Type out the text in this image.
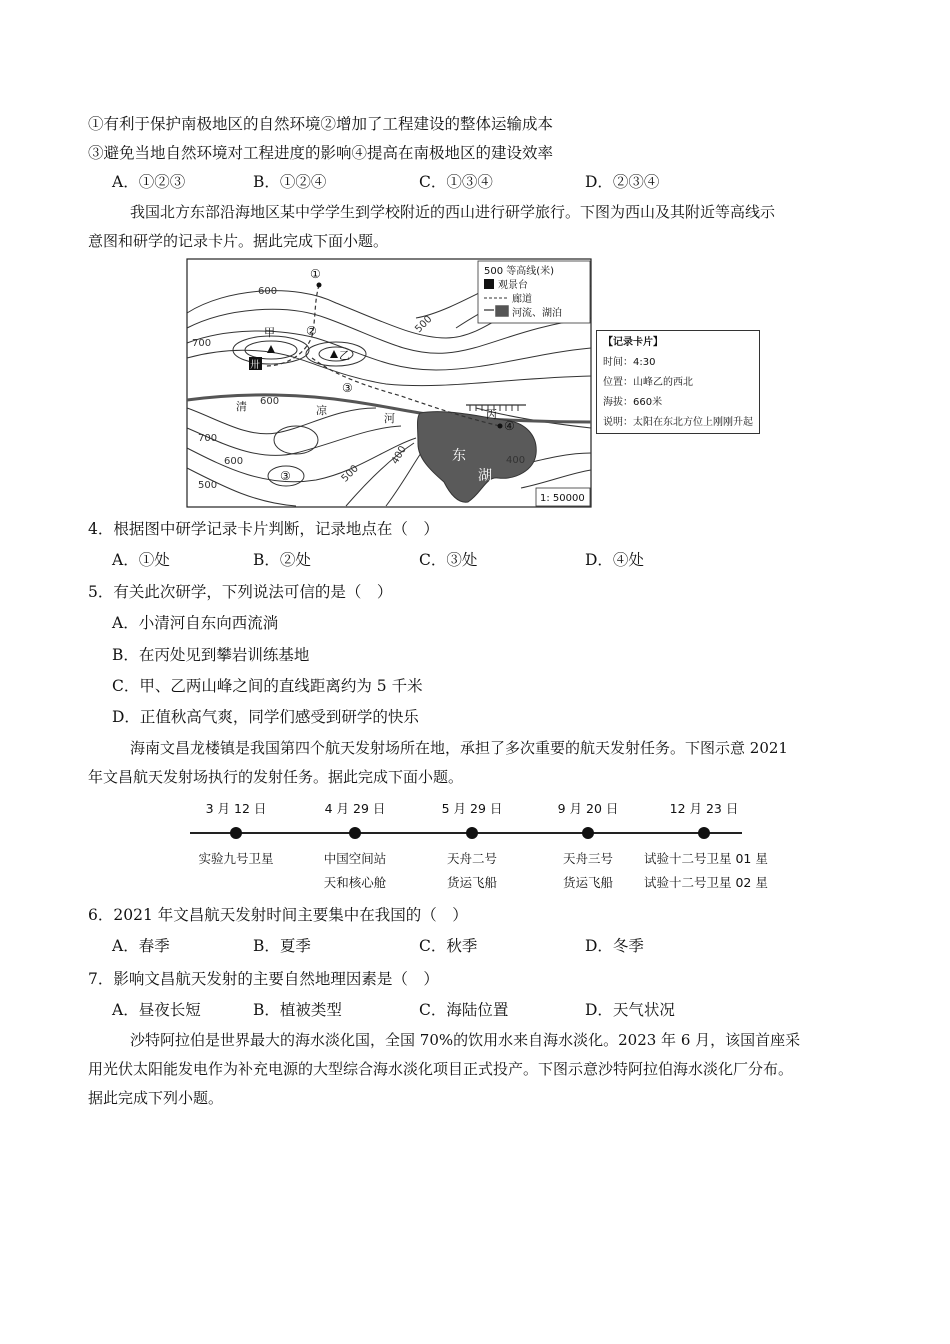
①有利于保护南极地区的自然环境②增加了工程建设的整体运输成本
③避免当地自然环境对工程进度的影响④提高在南极地区的建设效率
A．①②③	B．①②④	C．①③④	D．②③④
我国北方东部沿海地区某中学学生到学校附近的西山进行研学旅行。下图为西山及其附近等高线示
意图和研学的记录卡片。据此完成下面小题。
①
②
③
④
③
甲
乙
丙
卅
600
700
500
600
700
600
500
500
400	400
清	凉
河
东
湖
500 等高线(米)
观景台
廊道
河流、湖泊
1: 50000
【记录卡片】
时间：4:30
位置：山峰乙的西北
海拔：660米
说明：太阳在东北方位上刚刚升起
4．根据图中研学记录卡片判断，记录地点在（　）
A．①处	B．②处	C．③处	D．④处
5．有关此次研学，下列说法可信的是（　）
A．小清河自东向西流淌
B．在丙处见到攀岩训练基地
C．甲、乙两山峰之间的直线距离约为 5 千米
D．正值秋高气爽，同学们感受到研学的快乐
海南文昌龙楼镇是我国第四个航天发射场所在地，承担了多次重要的航天发射任务。下图示意 2021
年文昌航天发射场执行的发射任务。据此完成下面小题。
3 月 12 日
实验九号卫星
4 月 29 日
中国空间站
天和核心舱
5 月 29 日
天舟二号
货运飞船
9 月 20 日
天舟三号
货运飞船
12 月 23 日
试验十二号卫星 01 星
试验十二号卫星 02 星
6．2021 年文昌航天发射时间主要集中在我国的（　）
A．春季	B．夏季	C．秋季	D．冬季
7．影响文昌航天发射的主要自然地理因素是（　）
A．昼夜长短	B．植被类型	C．海陆位置	D．天气状况
沙特阿拉伯是世界最大的海水淡化国，全国 70%的饮用水来自海水淡化。2023 年 6 月，该国首座采
用光伏太阳能发电作为补充电源的大型综合海水淡化项目正式投产。下图示意沙特阿拉伯海水淡化厂分布。
据此完成下列小题。
